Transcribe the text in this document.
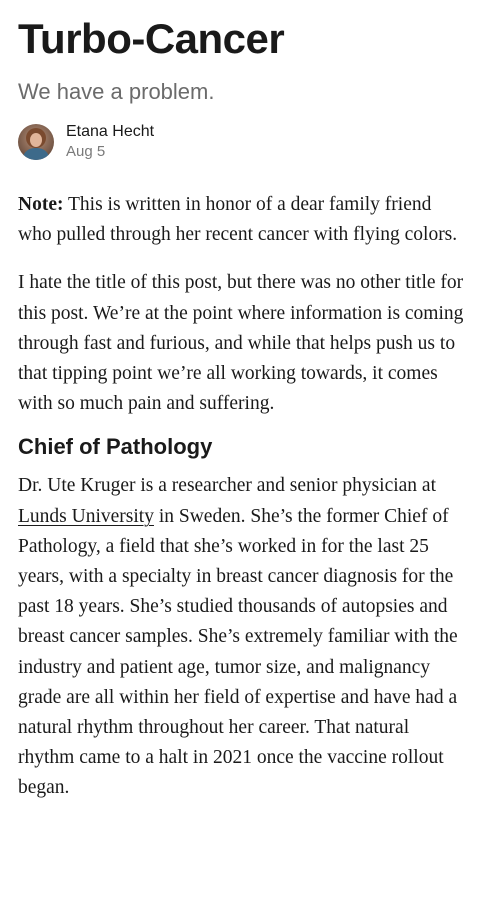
Turbo-Cancer
We have a problem.
Etana Hecht
Aug 5

Note: This is written in honor of a dear family friend who pulled through her recent cancer with flying colors.

I hate the title of this post, but there was no other title for this post. We’re at the point where information is coming through fast and furious, and while that helps push us to that tipping point we’re all working towards, it comes with so much pain and suffering.

Chief of Pathology

Dr. Ute Kruger is a researcher and senior physician at Lunds University in Sweden. She’s the former Chief of Pathology, a field that she’s worked in for the last 25 years, with a specialty in breast cancer diagnosis for the past 18 years. She’s studied thousands of autopsies and breast cancer samples. She’s extremely familiar with the industry and patient age, tumor size, and malignancy grade are all within her field of expertise and have had a natural rhythm throughout her career. That natural rhythm came to a halt in 2021 once the vaccine rollout began.
